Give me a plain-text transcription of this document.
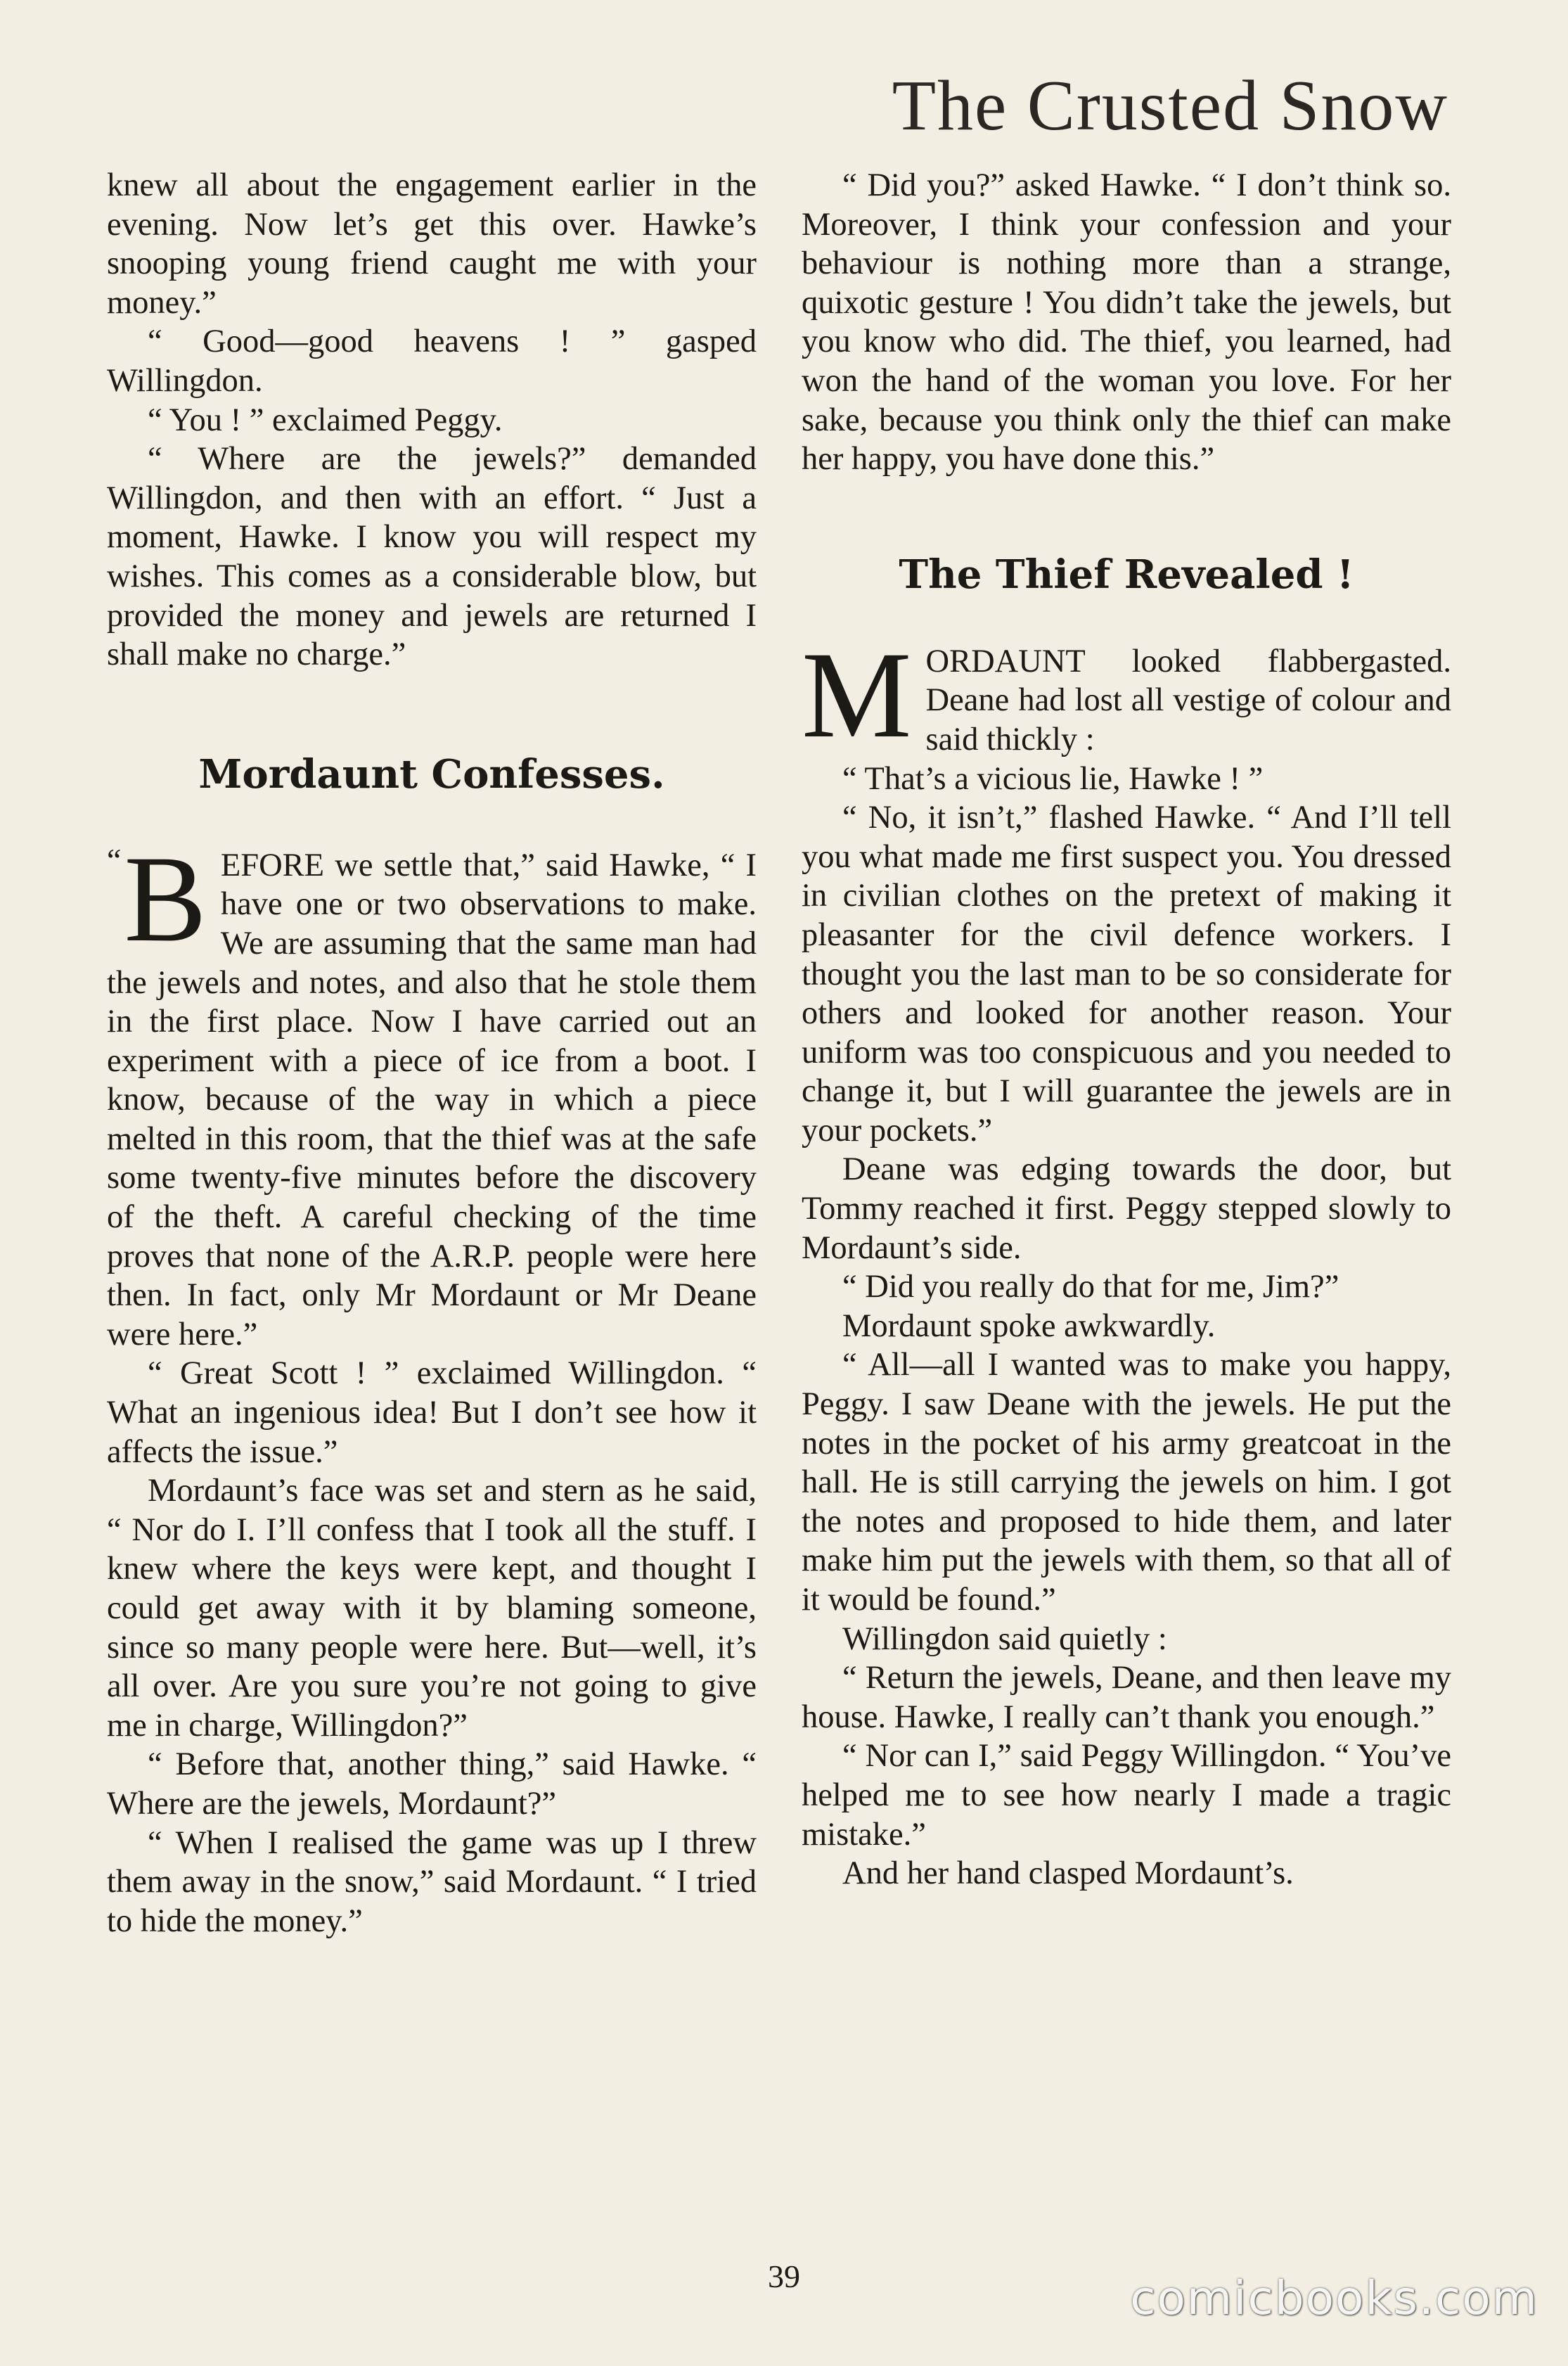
The Crusted Snow

knew all about the engagement earlier in the evening. Now let’s get this over. Hawke’s snooping young friend caught me with your money.”

“ Good—good heavens ! ” gasped Willingdon.

“ You ! ” exclaimed Peggy.

“ Where are the jewels?” demanded Willingdon, and then with an effort. “ Just a moment, Hawke. I know you will respect my wishes. This comes as a considerable blow, but provided the money and jewels are returned I shall make no charge.”

Mordaunt Confesses.

“ B EFORE we settle that,” said Hawke, “ I have one or two observations to make. We are assuming that the same man had the jewels and notes, and also that he stole them in the first place. Now I have carried out an experiment with a piece of ice from a boot. I know, because of the way in which a piece melted in this room, that the thief was at the safe some twenty-five minutes before the discovery of the theft. A careful checking of the time proves that none of the A.R.P. people were here then. In fact, only Mr Mordaunt or Mr Deane were here.”

“ Great Scott ! ” exclaimed Willingdon. “ What an ingenious idea! But I don’t see how it affects the issue.”

Mordaunt’s face was set and stern as he said, “ Nor do I. I’ll confess that I took all the stuff. I knew where the keys were kept, and thought I could get away with it by blaming someone, since so many people were here. But—well, it’s all over. Are you sure you’re not going to give me in charge, Willingdon?”

“ Before that, another thing,” said Hawke. “ Where are the jewels, Mordaunt?”

“ When I realised the game was up I threw them away in the snow,” said Mordaunt. “ I tried to hide the money.”

“ Did you?” asked Hawke. “ I don’t think so. Moreover, I think your confession and your behaviour is nothing more than a strange, quixotic gesture ! You didn’t take the jewels, but you know who did. The thief, you learned, had won the hand of the woman you love. For her sake, because you think only the thief can make her happy, you have done this.”

The Thief Revealed !

MORDAUNT looked flabbergasted. Deane had lost all vestige of colour and said thickly :

“ That’s a vicious lie, Hawke ! ”

“ No, it isn’t,” flashed Hawke. “ And I’ll tell you what made me first suspect you. You dressed in civilian clothes on the pretext of making it pleasanter for the civil defence workers. I thought you the last man to be so considerate for others and looked for another reason. Your uniform was too conspicuous and you needed to change it, but I will guarantee the jewels are in your pockets.”

Deane was edging towards the door, but Tommy reached it first. Peggy stepped slowly to Mordaunt’s side.

“ Did you really do that for me, Jim?”

Mordaunt spoke awkwardly.

“ All—all I wanted was to make you happy, Peggy. I saw Deane with the jewels. He put the notes in the pocket of his army greatcoat in the hall. He is still carrying the jewels on him. I got the notes and proposed to hide them, and later make him put the jewels with them, so that all of it would be found.”

Willingdon said quietly :

“ Return the jewels, Deane, and then leave my house. Hawke, I really can’t thank you enough.”

“ Nor can I,” said Peggy Willingdon. “ You’ve helped me to see how nearly I made a tragic mistake.”

And her hand clasped Mordaunt’s.

39	comicbooks.com
